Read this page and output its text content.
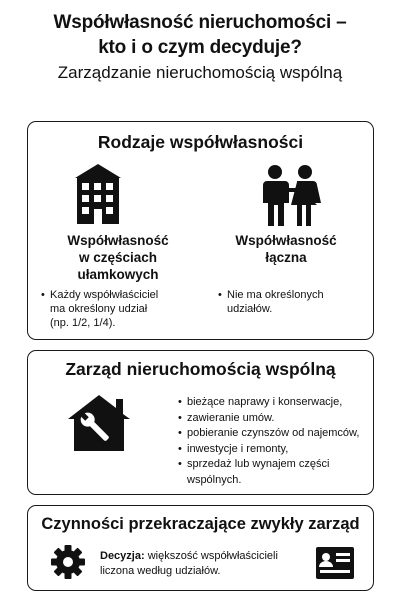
Współwłasność nieruchomości –
kto i o czym decyduje?
Zarządzanie nieruchomością wspólną
Rodzaje współwłasności
Współwłasność
w częściach
ułamkowych
• Każdy współwłaściciel
ma określony udział
(np. 1/2, 1/4).
Współwłasność
łączna
• Nie ma określonych
udziałów.
Zarząd nieruchomością wspólną
• bieżące naprawy i konserwacje,
• zawieranie umów.
• pobieranie czynszów od najemców,
• inwestycje i remonty,
• sprzedaż lub wynajem części
wspólnych.
Czynności przekraczające zwykły zarząd
Decyzja: większość współwłaścicieli
liczona według udziałów.
